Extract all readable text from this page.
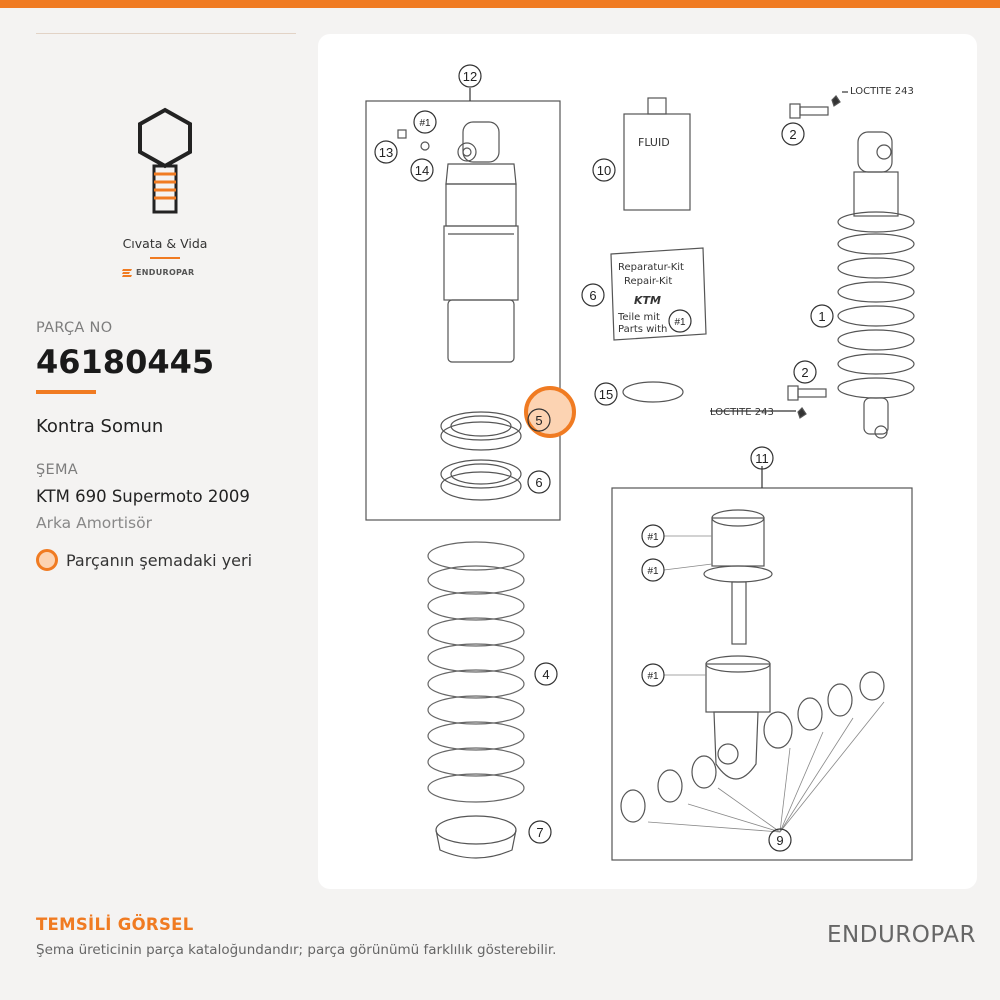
Cıvata & Vida
ENDUROPAR
PARÇA NO
46180445
Kontra Somun
ŞEMA
KTM 690 Supermoto 2009
Arka Amortisör
Parçanın şemadaki yeri
FLUID
Reparatur-Kit
Repair-Kit
KTM
Teile mit
Parts with
LOCTITE 243
LOCTITE 243
12
13
14
#1
10
6
#1
15
5
6
4
7
2
1
2
11
#1
#1
#1
9
TEMSİLİ GÖRSEL
Şema üreticinin parça kataloğundandır; parça görünümü farklılık gösterebilir.
ENDUROPAR
